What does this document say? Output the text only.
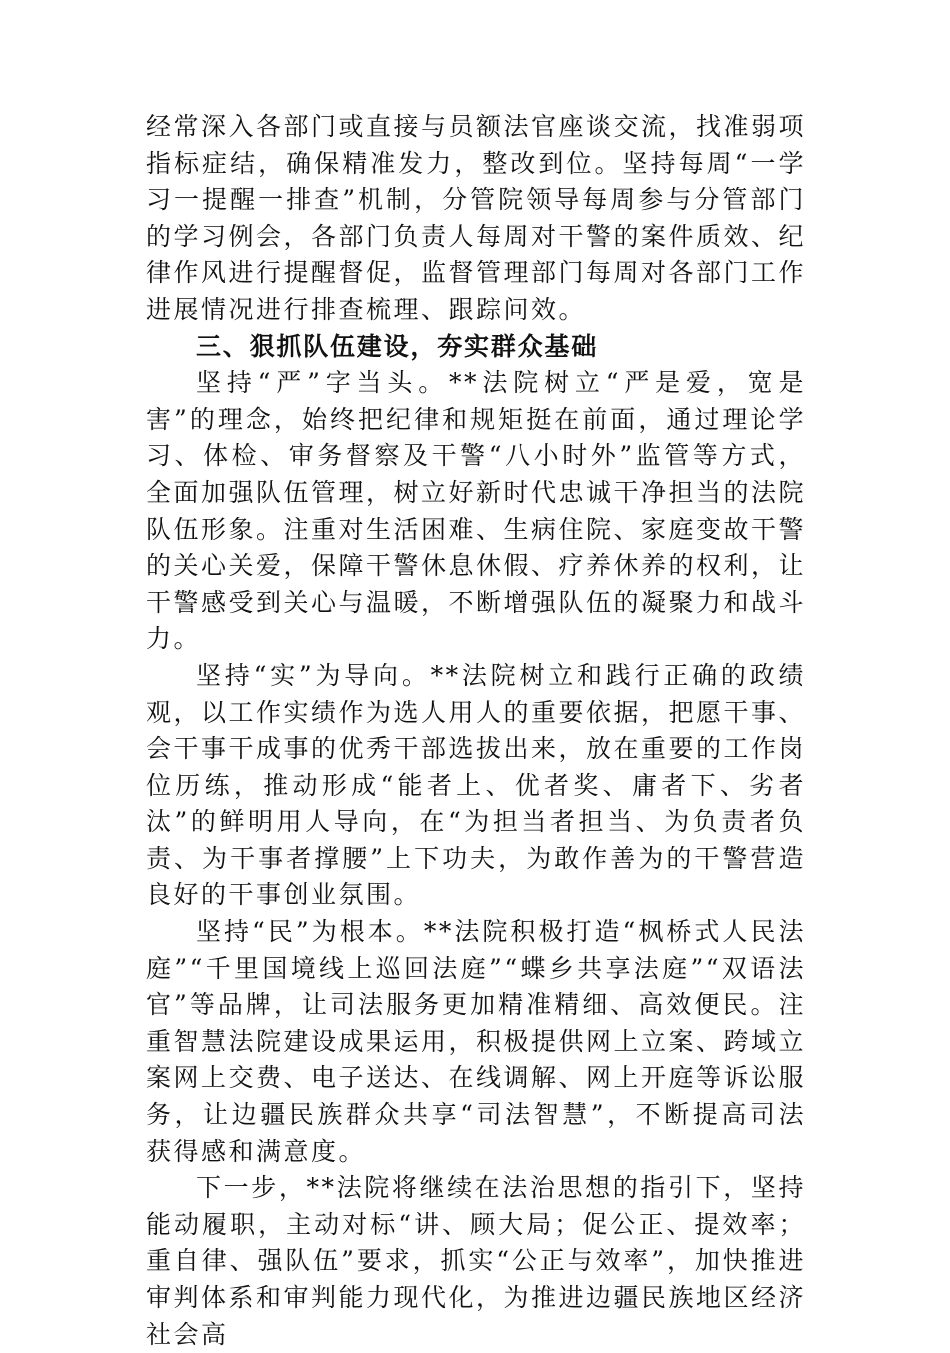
经常深入各部门或直接与员额法官座谈交流，找准弱项指标症结，确保精准发力，整改到位。坚持每周“一学习一提醒一排查”机制，分管院领导每周参与分管部门的学习例会，各部门负责人每周对干警的案件质效、纪律作风进行提醒督促，监督管理部门每周对各部门工作进展情况进行排查梳理、跟踪问效。

三、狠抓队伍建设，夯实群众基础

坚持“严”字当头。**法院树立“严是爱，宽是害”的理念，始终把纪律和规矩挺在前面，通过理论学习、体检、审务督察及干警“八小时外”监管等方式，全面加强队伍管理，树立好新时代忠诚干净担当的法院队伍形象。注重对生活困难、生病住院、家庭变故干警的关心关爱，保障干警休息休假、疗养休养的权利，让干警感受到关心与温暖，不断增强队伍的凝聚力和战斗力。

坚持“实”为导向。**法院树立和践行正确的政绩观，以工作实绩作为选人用人的重要依据，把愿干事、会干事干成事的优秀干部选拔出来，放在重要的工作岗位历练，推动形成“能者上、优者奖、庸者下、劣者汰”的鲜明用人导向，在“为担当者担当、为负责者负责、为干事者撑腰”上下功夫，为敢作善为的干警营造良好的干事创业氛围。

坚持“民”为根本。**法院积极打造“枫桥式人民法庭”“千里国境线上巡回法庭”“蝶乡共享法庭”“双语法官”等品牌，让司法服务更加精准精细、高效便民。注重智慧法院建设成果运用，积极提供网上立案、跨域立案网上交费、电子送达、在线调解、网上开庭等诉讼服务，让边疆民族群众共享“司法智慧”，不断提高司法获得感和满意度。

下一步，**法院将继续在法治思想的指引下，坚持能动履职，主动对标“讲、顾大局；促公正、提效率；重自律、强队伍”要求，抓实“公正与效率”，加快推进审判体系和审判能力现代化，为推进边疆民族地区经济社会高
